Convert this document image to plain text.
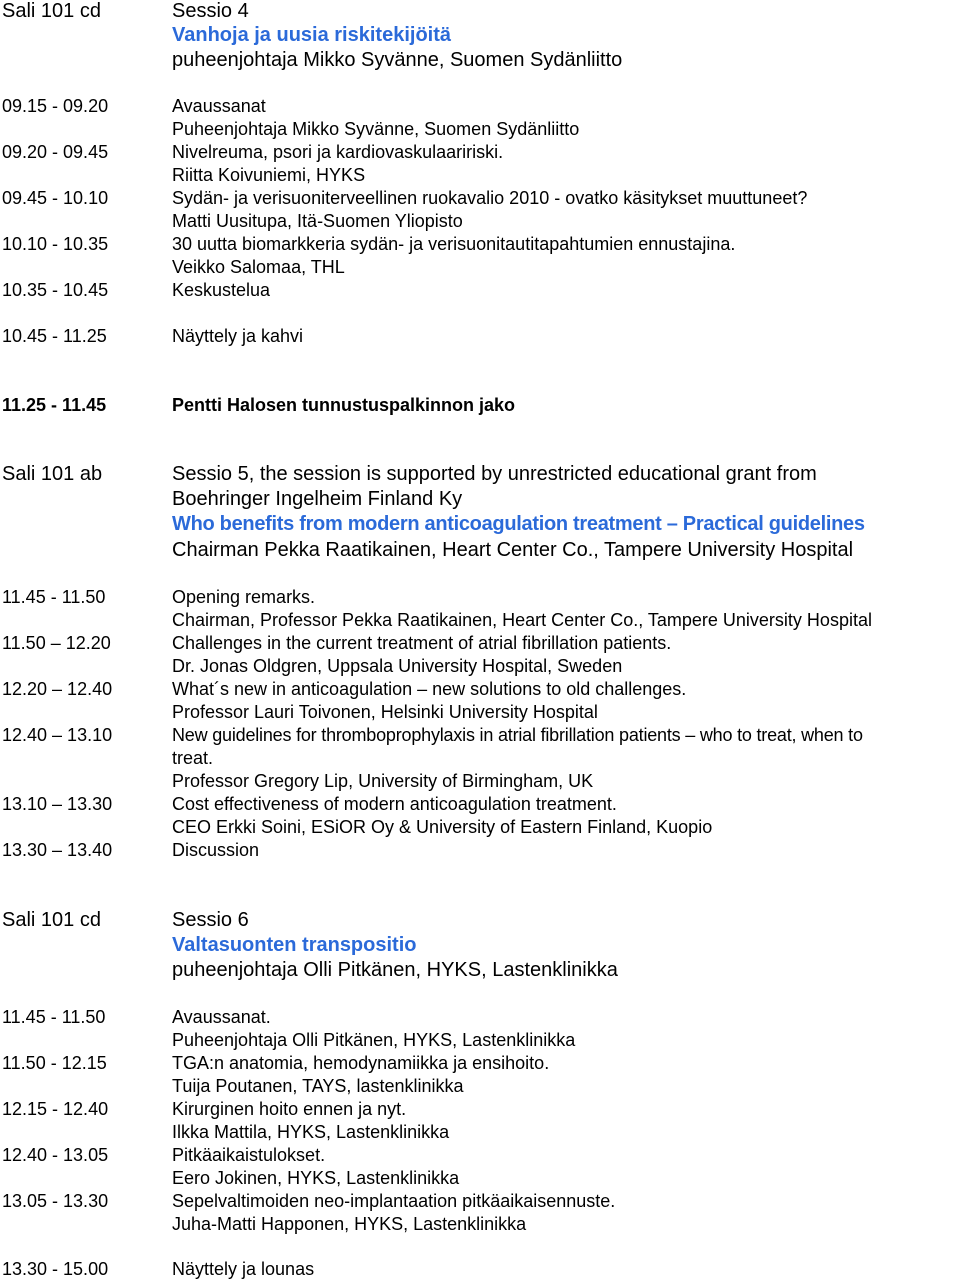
Sali 101 cd	Sessio 4
Vanhoja ja uusia riskitekijöitä
puheenjohtaja Mikko Syvänne, Suomen Sydänliitto
09.15 - 09.20	Avaussanat
Puheenjohtaja Mikko Syvänne, Suomen Sydänliitto
09.20 - 09.45	Nivelreuma, psori ja kardiovaskulaaririski.
Riitta Koivuniemi, HYKS
09.45 - 10.10	Sydän- ja verisuoniterveellinen ruokavalio 2010 - ovatko käsitykset muuttuneet?
Matti Uusitupa, Itä-Suomen Yliopisto
10.10 - 10.35	30 uutta biomarkkeria sydän- ja verisuonitautitapahtumien ennustajina.
Veikko Salomaa, THL
10.35 - 10.45	Keskustelua
10.45 - 11.25	Näyttely ja kahvi
11.25 - 11.45	Pentti Halosen tunnustuspalkinnon jako
Sali 101 ab	Sessio 5, the session is supported by unrestricted educational grant from
Boehringer Ingelheim Finland Ky
Who benefits from modern anticoagulation treatment – Practical guidelines
Chairman Pekka Raatikainen, Heart Center Co., Tampere University Hospital
11.45 - 11.50	Opening remarks.
Chairman, Professor Pekka Raatikainen, Heart Center Co., Tampere University Hospital
11.50 – 12.20	Challenges in the current treatment of atrial fibrillation patients.
Dr. Jonas Oldgren, Uppsala University Hospital, Sweden
12.20 – 12.40	What´s new in anticoagulation – new solutions to old challenges.
Professor Lauri Toivonen, Helsinki University Hospital
12.40 – 13.10	New guidelines for thromboprophylaxis in atrial fibrillation patients – who to treat, when to
treat.
Professor Gregory Lip, University of Birmingham, UK
13.10 – 13.30	Cost effectiveness of modern anticoagulation treatment.
CEO Erkki Soini, ESiOR Oy & University of Eastern Finland, Kuopio
13.30 – 13.40	Discussion
Sali 101 cd	Sessio 6
Valtasuonten transpositio
puheenjohtaja Olli Pitkänen, HYKS, Lastenklinikka
11.45 - 11.50	Avaussanat.
Puheenjohtaja Olli Pitkänen, HYKS, Lastenklinikka
11.50 - 12.15	TGA:n anatomia, hemodynamiikka ja ensihoito.
Tuija Poutanen, TAYS, lastenklinikka
12.15 - 12.40	Kirurginen hoito ennen ja nyt.
Ilkka Mattila, HYKS, Lastenklinikka
12.40 - 13.05	Pitkäaikaistulokset.
Eero Jokinen, HYKS, Lastenklinikka
13.05 - 13.30	Sepelvaltimoiden neo-implantaation pitkäaikaisennuste.
Juha-Matti Happonen, HYKS, Lastenklinikka
13.30 - 15.00	Näyttely ja lounas
